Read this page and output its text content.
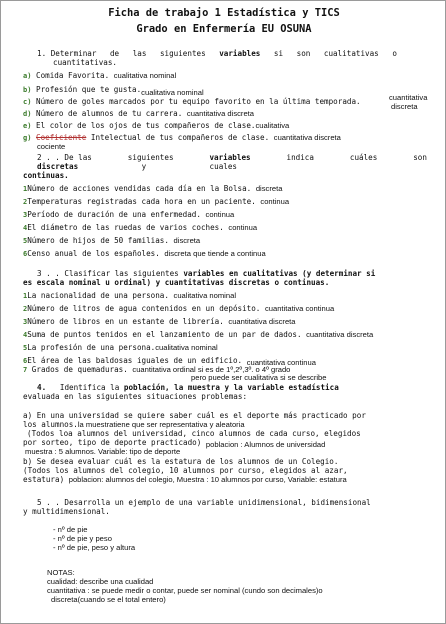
Ficha de trabajo 1 Estadística y TICS
Grado en Enfermería EU OSUNA
1. Determinar de las siguientes variables si son cualitativas o
cuantitativas.
a) Comida Favorita. cualitativa nominal
b) Profesión que te gusta.cualitativa nominal
c) Número de goles marcados por tu equipo favorito en la última temporada.	cuantitativa
discreta
d) Número de alumnos de tu carrera. cuantitativa discreta
e) El color de los ojos de tus compañeros de clase.cualitativa
g) Coeficiente Intelectual de tus compañeros de clase. cuantitativa discreta
cociente
2 . . De las	siguientes	variables	indica	cuáles	son
discretas	y	cuales
continuas.
1Número de acciones vendidas cada día en la Bolsa. discreta
2Temperaturas registradas cada hora en un paciente. continua
3Período de duración de una enfermedad. continua
4El diámetro de las ruedas de varios coches. continua
5Número de hijos de 50 familias. discreta
6Censo anual de los españoles. discreta que tiende a continua
3 . . Clasificar las siguientes variables en cualitativas (y determinar si
es escala nominal u ordinal) y cuantitativas discretas o continuas.
1La nacionalidad de una persona. cualitativa nominal
2Número de litros de agua contenidos en un depósito. cuantitativa continua
3Número de libros en un estante de librería. cuantitativa discreta
4Suma de puntos tenidos en el lanzamiento de un par de dados. cuantitativa discreta
5La profesión de una persona.cualitativa nominal
6El área de las baldosas iguales de un edificio. cuantitativa continua
7 Grados de quemaduras. cuantitativa ordinal si es de 1º,2º,3º. o 4º grado
pero puede ser cualitativa si se describe
4. Identifica la población, la muestra y la variable estadística
evaluada en las siguientes situaciones problemas:
a) En una universidad se quiere saber cuál es el deporte más practicado por
los alumnos.la muestratiene que ser representativa y aleatoria
(Todos loa alumnos del universidad, cinco alumnos de cada curso, elegidos
por sorteo, tipo de deporte practicado) poblacion : Alumnos de universidad
muestra : 5 alumnos. Variable: tipo de deporte
b) Se desea evaluar cuál es la estatura de los alumnos de un Colegio.
(Todos los alumnos del colegio, 10 alumnos por curso, elegidos al azar,
estatura) poblacion: alumnos del colegio, Muestra : 10 alumnos por curso, Variable: estatura
5 . . Desarrolla un ejemplo de una variable unidimensional, bidimensional
y multidimensional.
- nº de pie
- nº de pie y peso
- nº de pie, peso y altura
NOTAS:
cualidad: describe una cualidad
cuantitativa : se puede medir o contar, puede ser nominal (cundo son decimales)o
discreta(cuando se el total entero)
